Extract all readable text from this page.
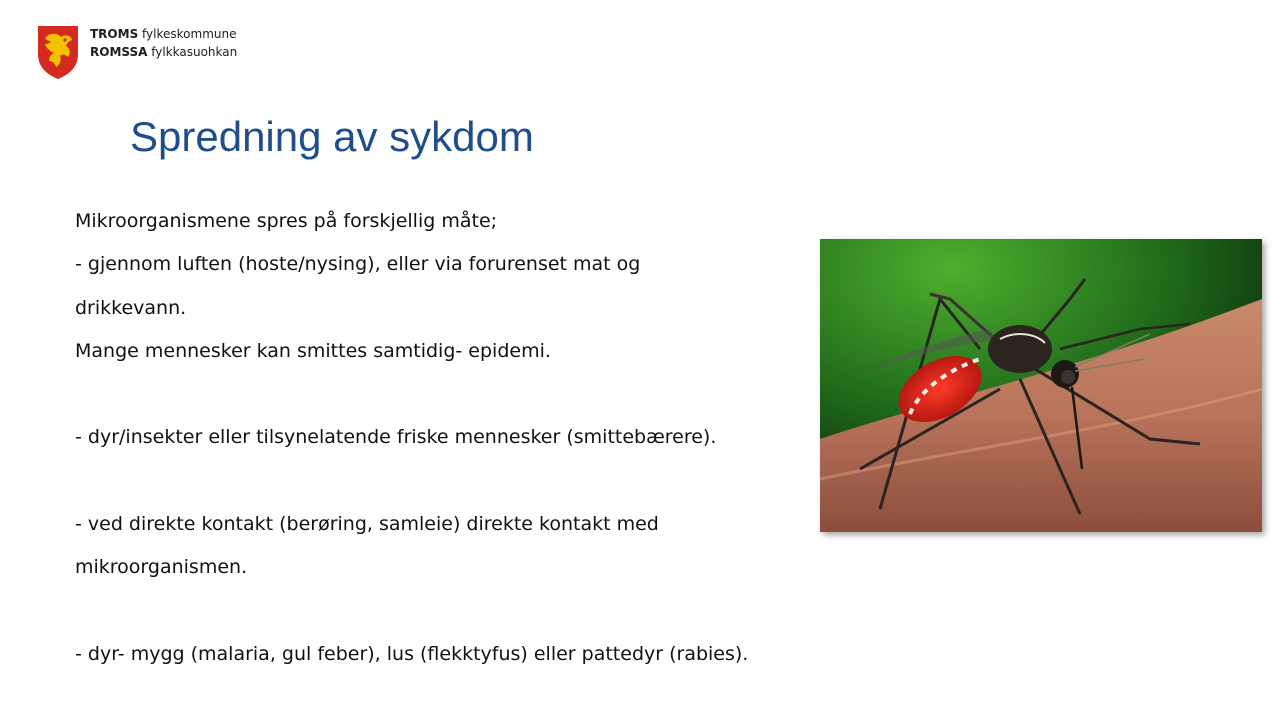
TROMS fylkeskommune
ROMSSA fylkkasuohkan
Spredning av sykdom
Mikroorganismene spres på forskjellig måte;
- gjennom luften (hoste/nysing), eller via forurenset mat og
drikkevann.
Mange mennesker kan smittes samtidig- epidemi.
- dyr/insekter eller tilsynelatende friske mennesker (smittebærere).
- ved direkte kontakt (berøring, samleie) direkte kontakt med
mikroorganismen.
- dyr- mygg (malaria, gul feber), lus (flekktyfus) eller pattedyr (rabies).
